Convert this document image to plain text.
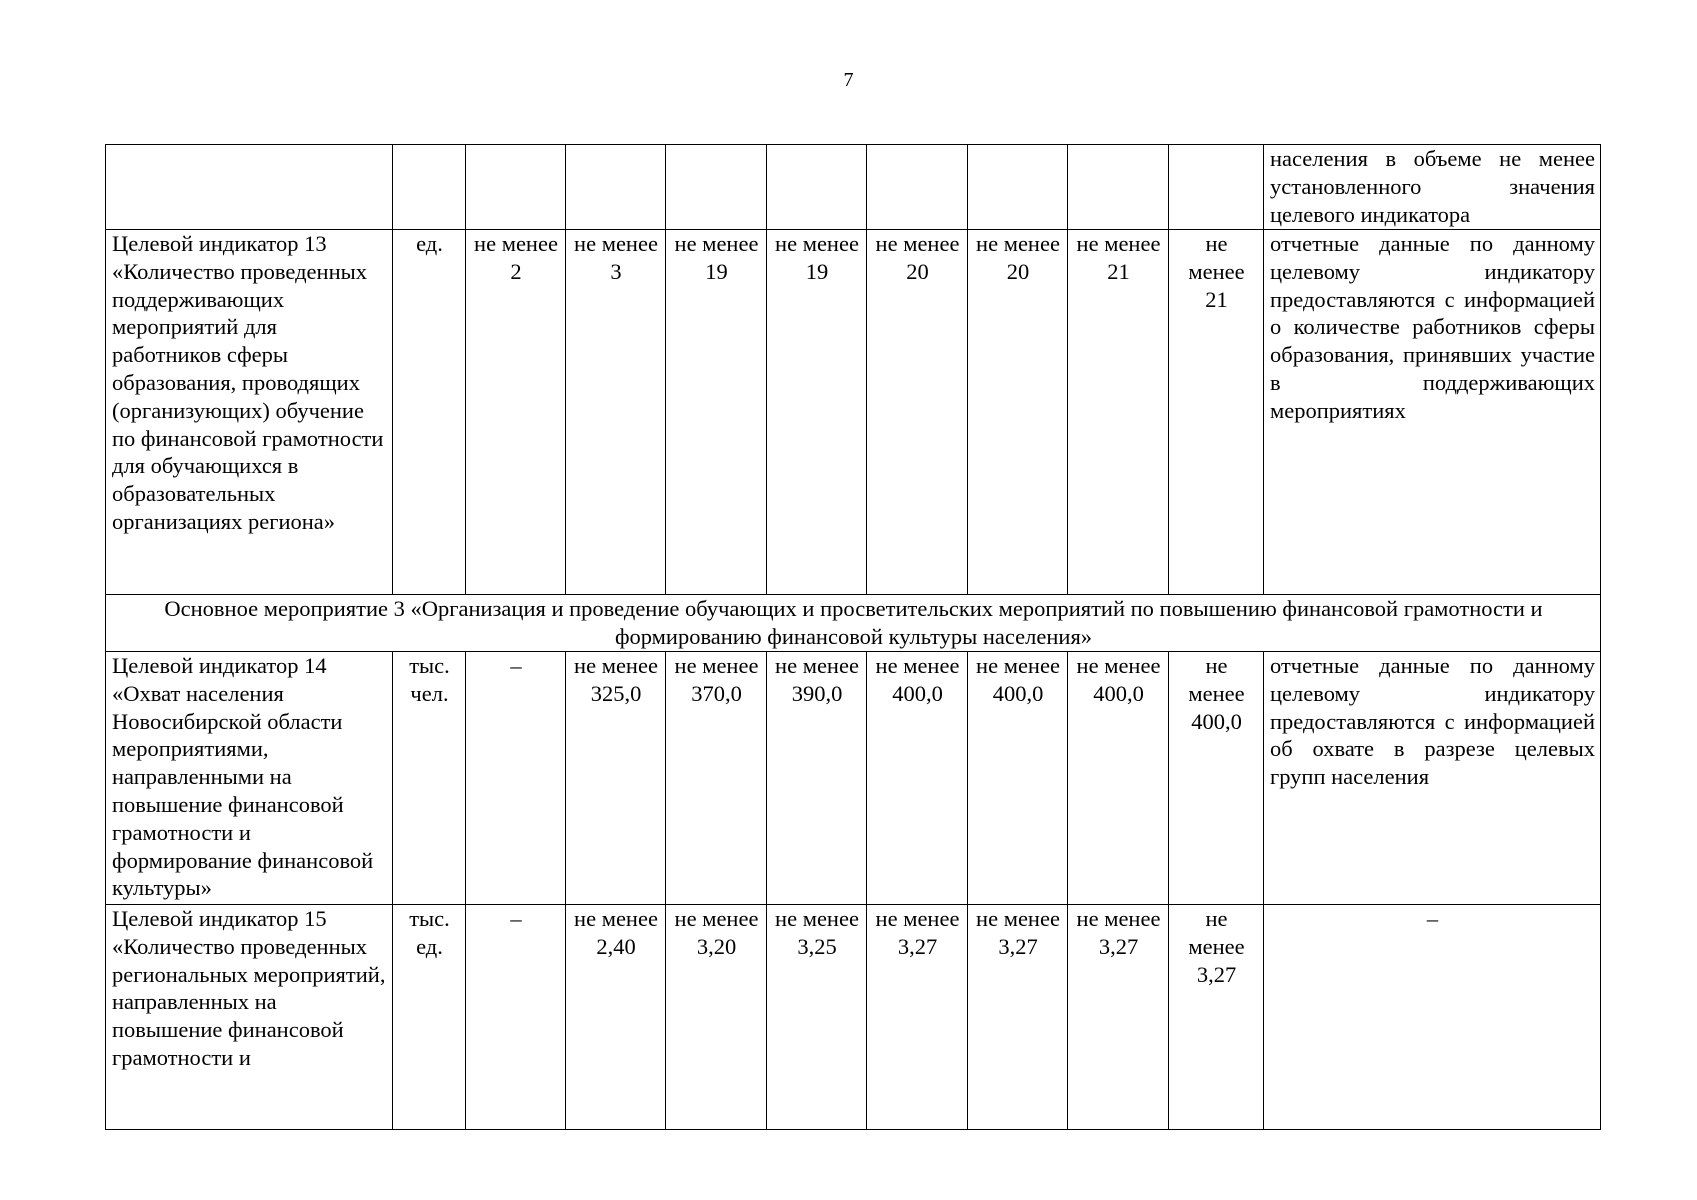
7
										населения в объеме не менее установленного значения целевого индикатора
Целевой индикатор 13 «Количество проведенных поддерживающих мероприятий для работников сферы образования, проводящих (организующих) обучение по финансовой грамотности для обучающихся в образовательных организациях региона»	ед.	не менее 2	не менее 3	не менее 19	не менее 19	не менее 20	не менее 20	не менее 21	не менее 21	отчетные данные по данному целевому индикатору предоставляются с информацией о количестве работников сферы образования, принявших участие в поддерживающих мероприятиях
Основное мероприятие 3 «Организация и проведение обучающих и просветительских мероприятий по повышению финансовой грамотности и формированию финансовой культуры населения»										
Целевой индикатор 14 «Охват населения Новосибирской области мероприятиями, направленными на повышение финансовой грамотности и формирование финансовой культуры»	тыс. чел.	–	не менее 325,0	не менее 370,0	не менее 390,0	не менее 400,0	не менее 400,0	не менее 400,0	не менее 400,0	отчетные данные по данному целевому индикатору предоставляются с информацией об охвате в разрезе целевых групп населения
Целевой индикатор 15 «Количество проведенных региональных мероприятий, направленных на повышение финансовой грамотности и	тыс. ед.	–	не менее 2,40	не менее 3,20	не менее 3,25	не менее 3,27	не менее 3,27	не менее 3,27	не менее 3,27	–
